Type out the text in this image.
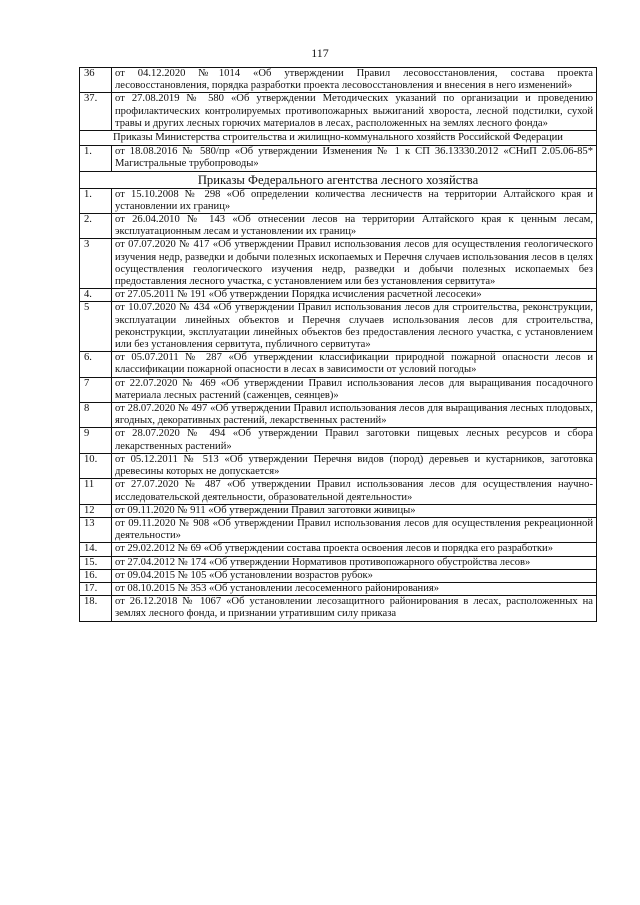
117
36	от 04.12.2020 №1014 «Об утверждении Правил лесовосстановления, состава проекта лесовосстановления, порядка разработки проекта лесовосстановления и внесения в него изменений»
37.	от 27.08.2019 № 580 «Об утверждении Методических указаний по организации и проведению профилактических контролируемых противопожарных выжиганий хвороста, лесной подстилки, сухой травы и других лесных горючих материалов в лесах, расположенных на землях лесного фонда»
Приказы Министерства строительства и жилищно-коммунального хозяйств Российской Федерации	
1.	от 18.08.2016 № 580/пр «Об утверждении Изменения № 1 к СП 36.13330.2012 «СНиП 2.05.06-85* Магистральные трубопроводы»
Приказы Федерального агентства лесного хозяйства	
1.	от 15.10.2008 № 298 «Об определении количества лесничеств на территории Алтайского края и установлении их границ»
2.	от 26.04.2010 № 143 «Об отнесении лесов на территории Алтайского края к ценным лесам, эксплуатационным лесам и установлении их границ»
3	от 07.07.2020 № 417 «Об утверждении Правил использования лесов для осуществления геологического изучения недр, разведки и добычи полезных ископаемых и Перечня случаев использования лесов в целях осуществления геологического изучения недр, разведки и добычи полезных ископаемых без предоставления лесного участка, с установлением или без установления сервитута»
4.	от 27.05.2011 № 191 «Об утверждении Порядка исчисления расчетной лесосеки»
5	от 10.07.2020 № 434 «Об утверждении Правил использования лесов для строительства, реконструкции, эксплуатации линейных объектов и Перечня случаев использования лесов для строительства, реконструкции, эксплуатации линейных объектов без предоставления лесного участка, с установлением или без установления сервитута, публичного сервитута»
6.	от 05.07.2011 № 287 «Об утверждении классификации природной пожарной опасности лесов и классификации пожарной опасности в лесах в зависимости от условий погоды»
7	от 22.07.2020 № 469 «Об утверждении Правил использования лесов для выращивания посадочного материала лесных растений (саженцев, сеянцев)»
8	от 28.07.2020 № 497 «Об утверждении Правил использования лесов для выращивания лесных плодовых, ягодных, декоративных растений, лекарственных растений»
9	от 28.07.2020 № 494 «Об утверждении Правил заготовки пищевых лесных ресурсов и сбора лекарственных растений»
10.	от 05.12.2011 № 513 «Об утверждении Перечня видов (пород) деревьев и кустарников, заготовка древесины которых не допускается»
11	от 27.07.2020 № 487 «Об утверждении Правил использования лесов для осуществления научно-исследовательской деятельности, образовательной деятельности»
12	от 09.11.2020 № 911 «Об утверждении Правил заготовки живицы»
13	от 09.11.2020 № 908 «Об утверждении Правил использования лесов для осуществления рекреационной деятельности»
14.	от 29.02.2012 № 69 «Об утверждении состава проекта освоения лесов и порядка его разработки»
15.	от 27.04.2012 № 174 «Об утверждении Нормативов противопожарного обустройства лесов»
16.	от 09.04.2015 № 105 «Об установлении возрастов рубок»
17.	от 08.10.2015 № 353 «Об установлении лесосеменного районирования»
18.	от 26.12.2018 № 1067 «Об установлении лесозащитного районирования в лесах, расположенных на землях лесного фонда, и признании утратившим силу приказа
